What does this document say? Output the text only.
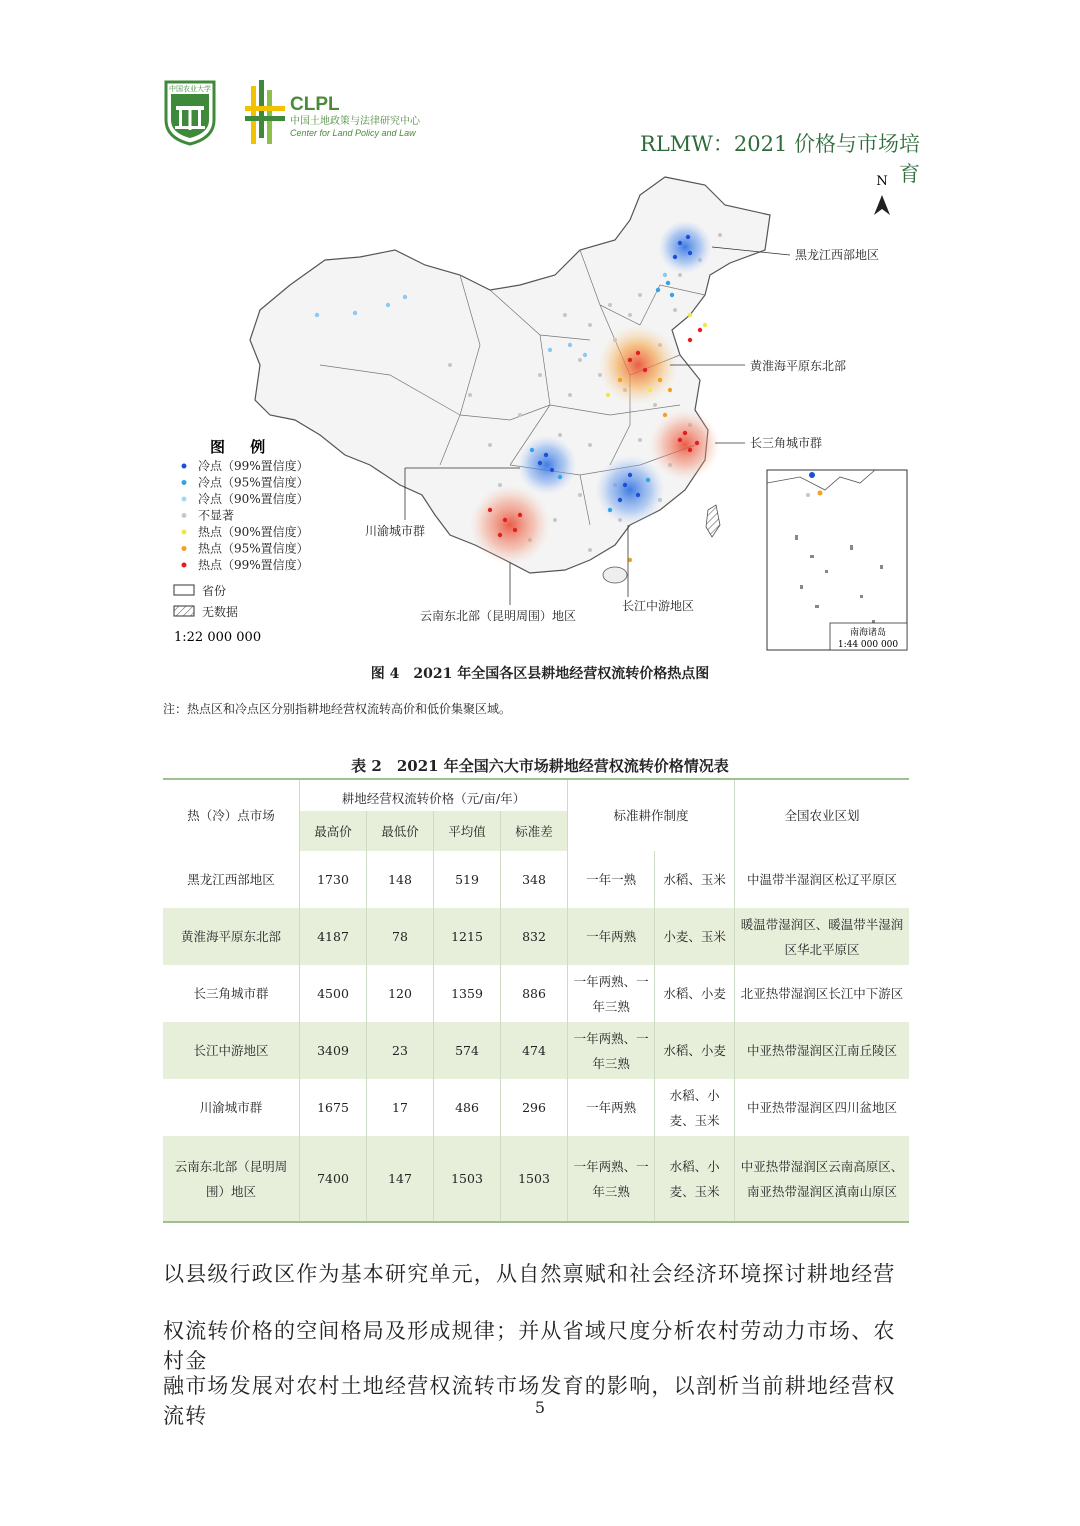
中国农业大学
CLPL
中国土地政策与法律研究中心
Center for Land Policy and Law	RLMW：2021 价格与市场培育
N
黑龙江西部地区
黄淮海平原东北部
长三角城市群
川渝城市群
云南东北部（昆明周围）地区
长江中游地区
图 例
冷点（99%置信度）
冷点（95%置信度）
冷点（90%置信度）
不显著
热点（90%置信度）
热点（95%置信度）
热点（99%置信度）
省份
无数据
1:22 000 000	南海诸岛
1:44 000 000
图 4　2021 年全国各区县耕地经营权流转价格热点图
注：热点区和冷点区分别指耕地经营权流转高价和低价集聚区域。
表 2　2021 年全国六大市场耕地经营权流转价格情况表
热（冷）点市场	耕地经营权流转价格（元/亩/年）				标准耕作制度		全国农业区划
	最高价	最低价	平均值	标准差			
黑龙江西部地区	1730	148	519	348	一年一熟	水稻、玉米	中温带半湿润区松辽平原区
黄淮海平原东北部	4187	78	1215	832	一年两熟	小麦、玉米	暖温带湿润区、暖温带半湿润区华北平原区
长三角城市群	4500	120	1359	886	一年两熟、一年三熟	水稻、小麦	北亚热带湿润区长江中下游区
长江中游地区	3409	23	574	474	一年两熟、一年三熟	水稻、小麦	中亚热带湿润区江南丘陵区
川渝城市群	1675	17	486	296	一年两熟	水稻、小麦、玉米	中亚热带湿润区四川盆地区
云南东北部（昆明周围）地区	7400	147	1503	1503	一年两熟、一年三熟	水稻、小麦、玉米	中亚热带湿润区云南高原区、南亚热带湿润区滇南山原区
以县级行政区作为基本研究单元，从自然禀赋和社会经济环境探讨耕地经营
权流转价格的空间格局及形成规律；并从省域尺度分析农村劳动力市场、农村金
融市场发展对农村土地经营权流转市场发育的影响，以剖析当前耕地经营权流转	5
